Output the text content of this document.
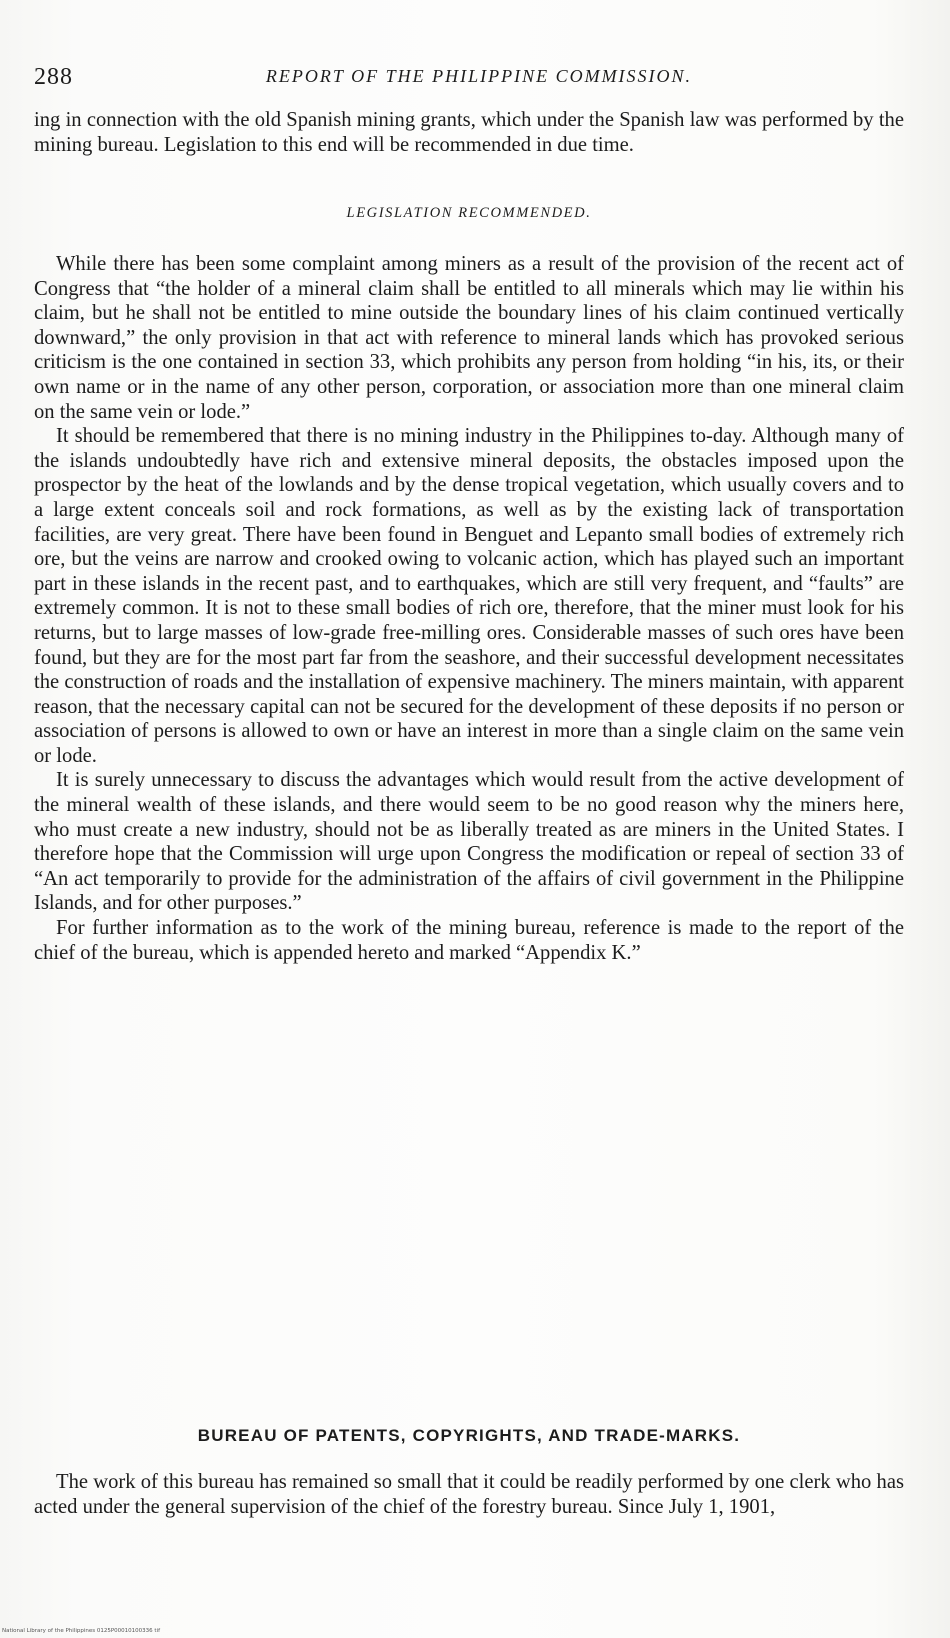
288	REPORT OF THE PHILIPPINE COMMISSION.

ing in connection with the old Spanish mining grants, which under the Spanish law was performed by the mining bureau. Legislation to this end will be recommended in due time.

LEGISLATION RECOMMENDED.

While there has been some complaint among miners as a result of the provision of the recent act of Congress that “the holder of a mineral claim shall be entitled to all minerals which may lie within his claim, but he shall not be entitled to mine outside the boundary lines of his claim continued vertically downward,” the only provision in that act with reference to mineral lands which has provoked serious criticism is the one contained in section 33, which prohibits any person from holding “in his, its, or their own name or in the name of any other person, corporation, or association more than one mineral claim on the same vein or lode.”

It should be remembered that there is no mining industry in the Philippines to-day. Although many of the islands undoubtedly have rich and extensive mineral deposits, the obstacles imposed upon the prospector by the heat of the lowlands and by the dense tropical vegetation, which usually covers and to a large extent conceals soil and rock formations, as well as by the existing lack of transportation facilities, are very great. There have been found in Benguet and Lepanto small bodies of extremely rich ore, but the veins are narrow and crooked owing to volcanic action, which has played such an important part in these islands in the recent past, and to earthquakes, which are still very frequent, and “faults” are extremely common. It is not to these small bodies of rich ore, therefore, that the miner must look for his returns, but to large masses of low-grade free-milling ores. Considerable masses of such ores have been found, but they are for the most part far from the seashore, and their successful development necessitates the construction of roads and the installation of expensive machinery. The miners maintain, with apparent reason, that the necessary capital can not be secured for the development of these deposits if no person or association of persons is allowed to own or have an interest in more than a single claim on the same vein or lode.

It is surely unnecessary to discuss the advantages which would result from the active development of the mineral wealth of these islands, and there would seem to be no good reason why the miners here, who must create a new industry, should not be as liberally treated as are miners in the United States. I therefore hope that the Commission will urge upon Congress the modification or repeal of section 33 of “An act temporarily to provide for the administration of the affairs of civil government in the Philippine Islands, and for other purposes.”

For further information as to the work of the mining bureau, reference is made to the report of the chief of the bureau, which is appended hereto and marked “Appendix K.”

BUREAU OF PATENTS, COPYRIGHTS, AND TRADE-MARKS.

The work of this bureau has remained so small that it could be readily performed by one clerk who has acted under the general supervision of the chief of the forestry bureau. Since July 1, 1901,

National Library of the Philippines 0125P00010100336 tif
